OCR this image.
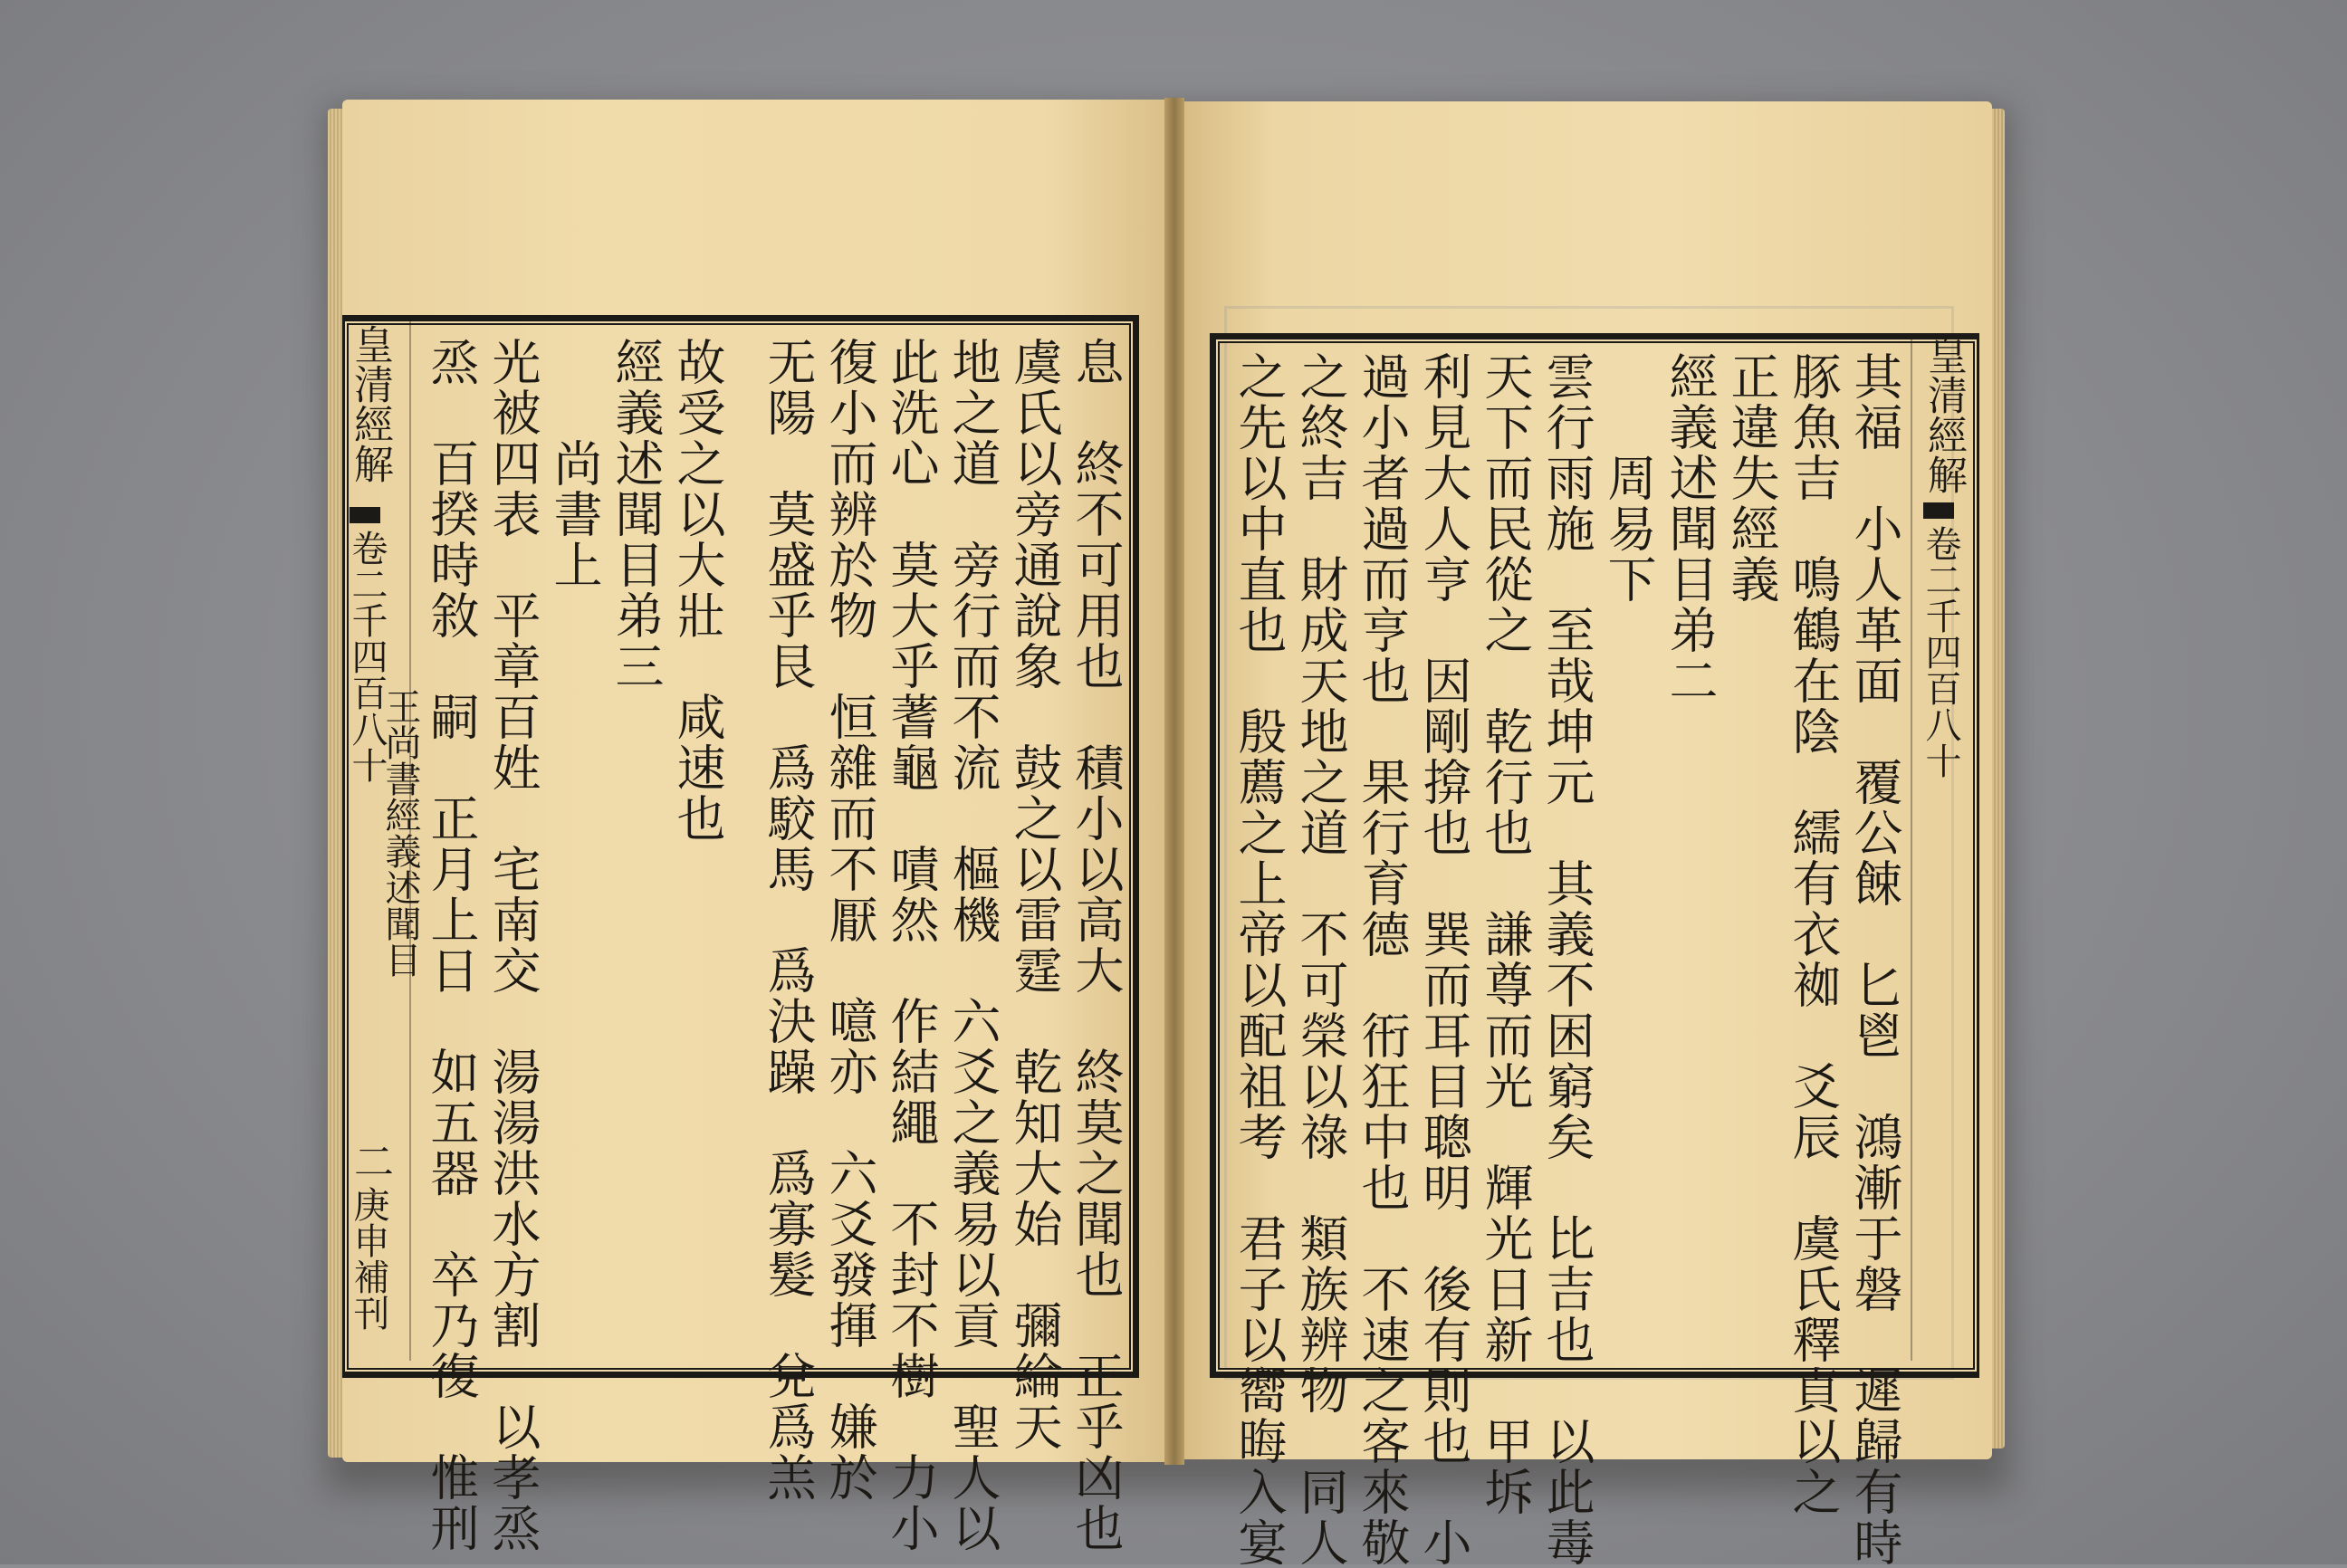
皇清經解
卷二千四百八十
王尚書經義述聞目
二
庚申補刊	息　終不可用也　積小以高大　終莫之聞也　正乎凶也
虞氏以旁通說象　鼓之以雷霆　乾知大始　彌綸天
地之道　旁行而不流　樞機　六爻之義易以貢　聖人以
此洗心　莫大乎蓍龜　嘖然　作結繩　不封不樹　力小
復小而辨於物　恒雜而不厭　噫亦　六爻發揮　嫌於
无陽　莫盛乎艮　爲駮馬　爲決躁　爲寡髮　兌爲羔
故受之以大壯　咸速也
經義述聞目弟三
　　尚書上
光被四表　平章百姓　宅南交　湯湯洪水方割　以孝烝
烝　百揆時敘　嗣　正月上日　如五器　卒乃復　惟刑	皇清經解
卷二千四百八十
其福　小人革面　覆公餗　匕鬯　鴻漸于磐　遲歸有時
豚魚吉　鳴鶴在陰　繻有衣袽　爻辰　虞氏釋貞以之
正違失經義
經義述聞目弟二
　　周易下
雲行雨施　至哉坤元　其義不困窮矣　比吉也　以此毒
天下而民從之　乾行也　謙尊而光　輝光日新　甲坼
利見大人亨　因剛揜也　巽而耳目聰明　後有則也　小
過小者過而亨也　果行育德　衎狂中也　不速之客來敬
之終吉　財成天地之道　不可榮以祿　類族辨物　同人
之先以中直也　殷薦之上帝以配祖考　君子以嚮晦入宴
